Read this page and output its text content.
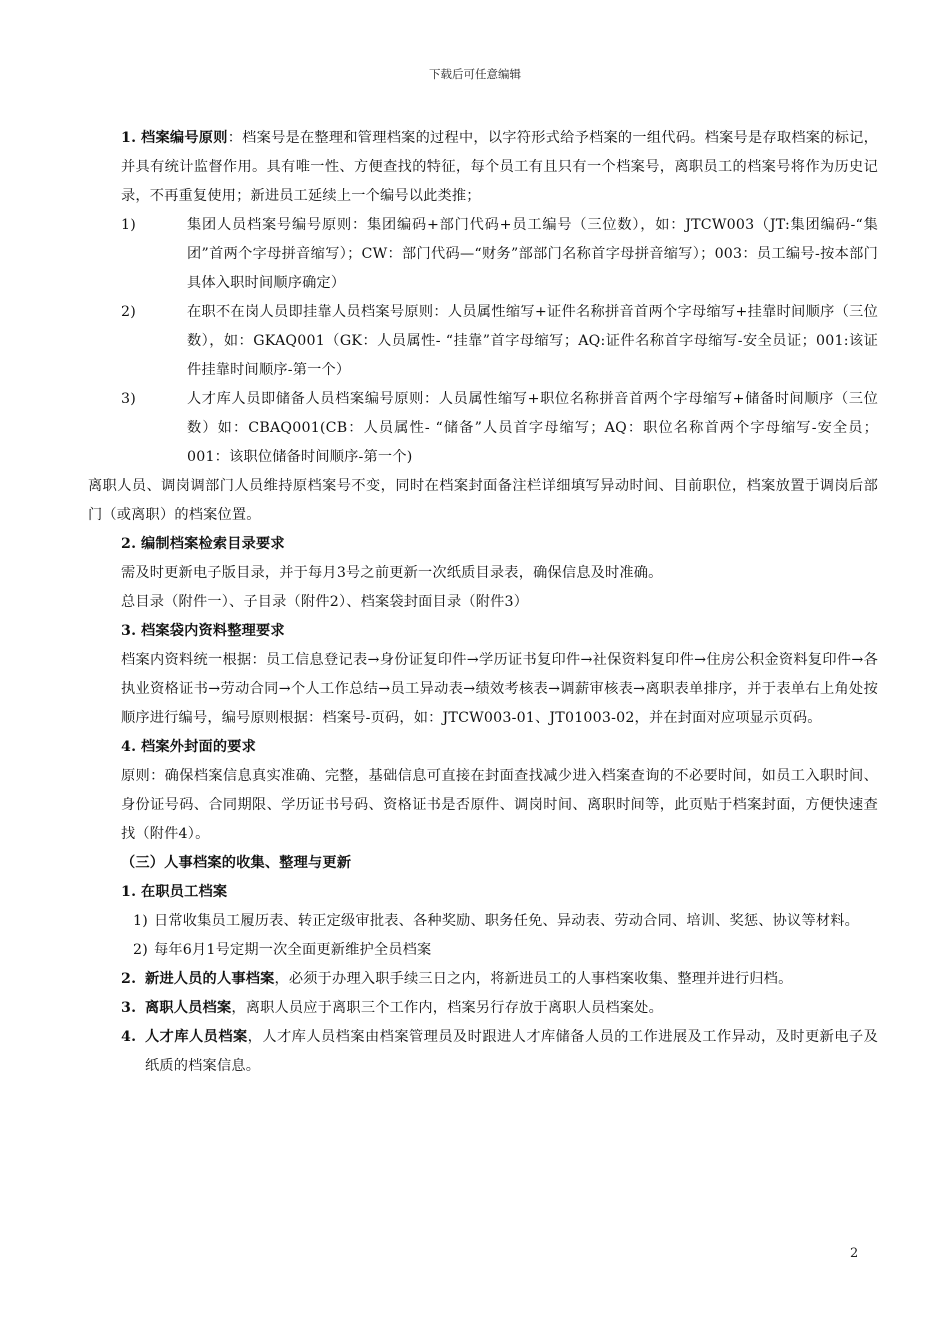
下载后可任意编辑

1. 档案编号原则：档案号是在整理和管理档案的过程中，以字符形式给予档案的一组代码。档案号是存取档案的标记，并具有统计监督作用。具有唯一性、方便查找的特征，每个员工有且只有一个档案号，离职员工的档案号将作为历史记录，不再重复使用；新进员工延续上一个编号以此类推；

1)	集团人员档案号编号原则：集团编码+部门代码+员工编号（三位数），如：JTCW003（JT:集团编码-“集团”首两个字母拼音缩写）；CW：部门代码—“财务”部部门名称首字母拼音缩写）；003：员工编号-按本部门具体入职时间顺序确定）
2)	在职不在岗人员即挂靠人员档案号原则：人员属性缩写+证件名称拼音首两个字母缩写+挂靠时间顺序（三位数），如：GKAQ001（GK：人员属性- “挂靠”首字母缩写；AQ:证件名称首字母缩写-安全员证；001:该证件挂靠时间顺序-第一个）
3)	人才库人员即储备人员档案编号原则：人员属性缩写+职位名称拼音首两个字母缩写+储备时间顺序（三位数）如：CBAQ001(CB：人员属性- “储备”人员首字母缩写；AQ：职位名称首两个字母缩写-安全员；001：该职位储备时间顺序-第一个)

离职人员、调岗调部门人员维持原档案号不变，同时在档案封面备注栏详细填写异动时间、目前职位，档案放置于调岗后部门（或离职）的档案位置。

2. 编制档案检索目录要求

需及时更新电子版目录，并于每月3号之前更新一次纸质目录表，确保信息及时准确。

总目录（附件一）、子目录（附件2）、档案袋封面目录（附件3）

3. 档案袋内资料整理要求

档案内资料统一根据：员工信息登记表→身份证复印件→学历证书复印件→社保资料复印件→住房公积金资料复印件→各执业资格证书→劳动合同→个人工作总结→员工异动表→绩效考核表→调薪审核表→离职表单排序，并于表单右上角处按顺序进行编号，编号原则根据：档案号-页码，如：JTCW003-01、JT01003-02，并在封面对应项显示页码。

4. 档案外封面的要求

原则：确保档案信息真实准确、完整，基础信息可直接在封面查找减少进入档案查询的不必要时间，如员工入职时间、身份证号码、合同期限、学历证书号码、资格证书是否原件、调岗时间、离职时间等，此页贴于档案封面，方便快速查找（附件4）。

（三）人事档案的收集、整理与更新

1. 在职员工档案

1) 日常收集员工履历表、转正定级审批表、各种奖励、职务任免、异动表、劳动合同、培训、奖惩、协议等材料。
2) 每年6月1号定期一次全面更新维护全员档案
2. 新进人员的人事档案，必须于办理入职手续三日之内，将新进员工的人事档案收集、整理并进行归档。
3. 离职人员档案，离职人员应于离职三个工作内，档案另行存放于离职人员档案处。
4. 人才库人员档案，人才库人员档案由档案管理员及时跟进人才库储备人员的工作进展及工作异动，及时更新电子及纸质的档案信息。
2
